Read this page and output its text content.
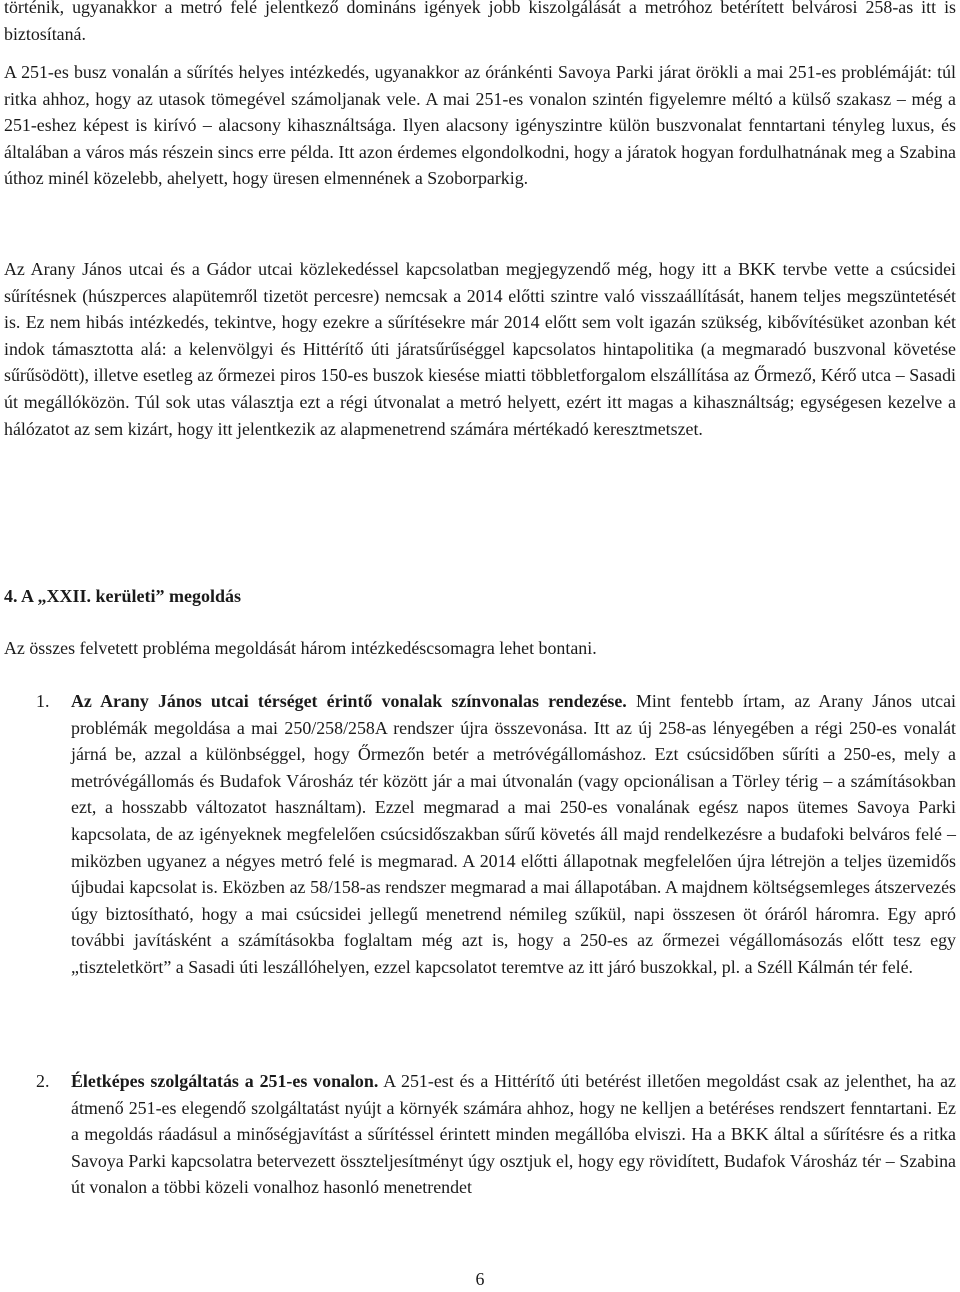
történik, ugyanakkor a metró felé jelentkező domináns igények jobb kiszolgálását a metróhoz betérített belvárosi 258-as itt is biztosítaná.

A 251-es busz vonalán a sűrítés helyes intézkedés, ugyanakkor az óránkénti Savoya Parki járat örökli a mai 251-es problémáját: túl ritka ahhoz, hogy az utasok tömegével számoljanak vele. A mai 251-es vonalon szintén figyelemre méltó a külső szakasz – még a 251-eshez képest is kirívó – alacsony kihasználtsága. Ilyen alacsony igényszintre külön buszvonalat fenntartani tényleg luxus, és általában a város más részein sincs erre példa. Itt azon érdemes elgondolkodni, hogy a járatok hogyan fordulhatnának meg a Szabina úthoz minél közelebb, ahelyett, hogy üresen elmennének a Szoborparkig.

Az Arany János utcai és a Gádor utcai közlekedéssel kapcsolatban megjegyzendő még, hogy itt a BKK tervbe vette a csúcsidei sűrítésnek (húszperces alapütemről tizetöt percesre) nemcsak a 2014 előtti szintre való visszaállítását, hanem teljes megszüntetését is. Ez nem hibás intézkedés, tekintve, hogy ezekre a sűrítésekre már 2014 előtt sem volt igazán szükség, kibővítésüket azonban két indok támasztotta alá: a kelenvölgyi és Hittérítő úti járatsűrűséggel kapcsolatos hintapolitika (a megmaradó buszvonal követése sűrűsödött), illetve esetleg az őrmezei piros 150-es buszok kiesése miatti többletforgalom elszállítása az Őrmező, Kérő utca – Sasadi út megállóközön. Túl sok utas választja ezt a régi útvonalat a metró helyett, ezért itt magas a kihasználtság; egységesen kezelve a hálózatot az sem kizárt, hogy itt jelentkezik az alapmenetrend számára mértékadó keresztmetszet.

4. A „XXII. kerületi” megoldás

Az összes felvetett probléma megoldását három intézkedéscsomagra lehet bontani.

1. Az Arany János utcai térséget érintő vonalak színvonalas rendezése. Mint fentebb írtam, az Arany János utcai problémák megoldása a mai 250/258/258A rendszer újra összevonása. Itt az új 258-as lényegében a régi 250-es vonalát járná be, azzal a különbséggel, hogy Őrmezőn betér a metróvégállomáshoz. Ezt csúcsidőben sűríti a 250-es, mely a metróvégállomás és Budafok Városház tér között jár a mai útvonalán (vagy opcionálisan a Törley térig – a számításokban ezt, a hosszabb változatot használtam). Ezzel megmarad a mai 250-es vonalának egész napos ütemes Savoya Parki kapcsolata, de az igényeknek megfelelően csúcsidőszakban sűrű követés áll majd rendelkezésre a budafoki belváros felé – miközben ugyanez a négyes metró felé is megmarad. A 2014 előtti állapotnak megfelelően újra létrejön a teljes üzemidős újbudai kapcsolat is. Eközben az 58/158-as rendszer megmarad a mai állapotában. A majdnem költségsemleges átszervezés úgy biztosítható, hogy a mai csúcsidei jellegű menetrend némileg szűkül, napi összesen öt óráról háromra. Egy apró további javításként a számításokba foglaltam még azt is, hogy a 250-es az őrmezei végállomásozás előtt tesz egy „tiszteletkört” a Sasadi úti leszállóhelyen, ezzel kapcsolatot teremtve az itt járó buszokkal, pl. a Széll Kálmán tér felé.

2. Életképes szolgáltatás a 251-es vonalon. A 251-est és a Hittérítő úti betérést illetően megoldást csak az jelenthet, ha az átmenő 251-es elegendő szolgáltatást nyújt a környék számára ahhoz, hogy ne kelljen a betéréses rendszert fenntartani. Ez a megoldás ráadásul a minőségjavítást a sűrítéssel érintett minden megállóba elviszi. Ha a BKK által a sűrítésre és a ritka Savoya Parki kapcsolatra betervezett összteljesítményt úgy osztjuk el, hogy egy rövidített, Budafok Városház tér – Szabina út vonalon a többi közeli vonalhoz hasonló menetrendet

6
